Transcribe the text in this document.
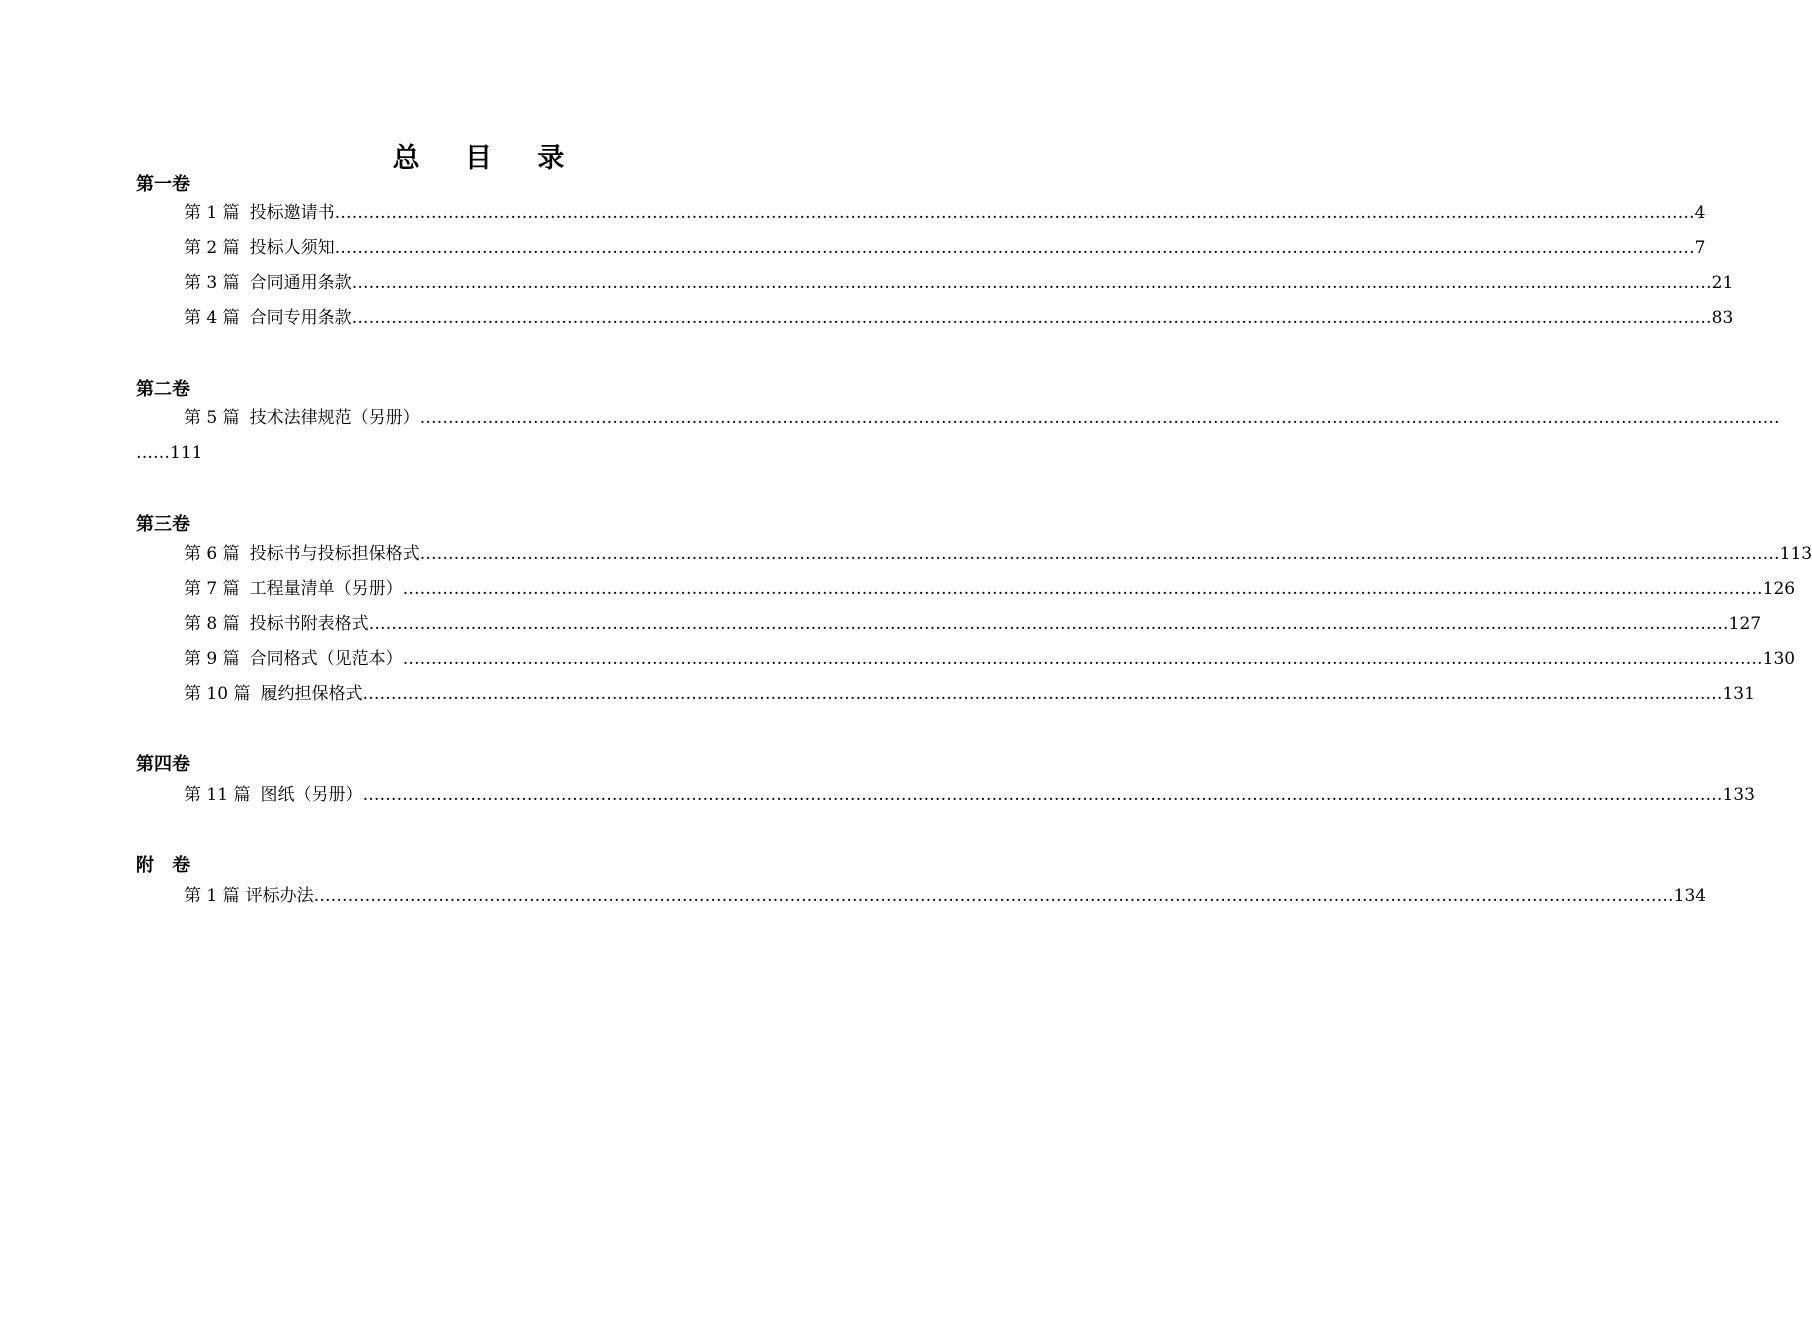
总 目 录
第一卷
第 1 篇 投标邀请书 …………………………………………………………………………………………………………………………………………………………………………………………………………………… 4
第 2 篇 投标人须知 …………………………………………………………………………………………………………………………………………………………………………………………………………………… 7
第 3 篇 合同通用条款 …………………………………………………………………………………………………………………………………………………………………………………………………………………… 21
第 4 篇 合同专用条款 …………………………………………………………………………………………………………………………………………………………………………………………………………………… 83
第二卷
第 5 篇 技术法律规范（另册） ……………………………………………………………………………………………………………………………………………………………………………………………………………………
……111
第三卷
第 6 篇 投标书与投标担保格式 …………………………………………………………………………………………………………………………………………………………………………………………………………………… 113
第 7 篇 工程量清单（另册） …………………………………………………………………………………………………………………………………………………………………………………………………………………… 126
第 8 篇 投标书附表格式 …………………………………………………………………………………………………………………………………………………………………………………………………………………… 127
第 9 篇 合同格式（见范本） …………………………………………………………………………………………………………………………………………………………………………………………………………………… 130
第 10 篇 履约担保格式 …………………………………………………………………………………………………………………………………………………………………………………………………………………… 131
第四卷
第 11 篇 图纸（另册） …………………………………………………………………………………………………………………………………………………………………………………………………………………… 133
附 卷
第 1 篇 评标办法 …………………………………………………………………………………………………………………………………………………………………………………………………………………… 134
